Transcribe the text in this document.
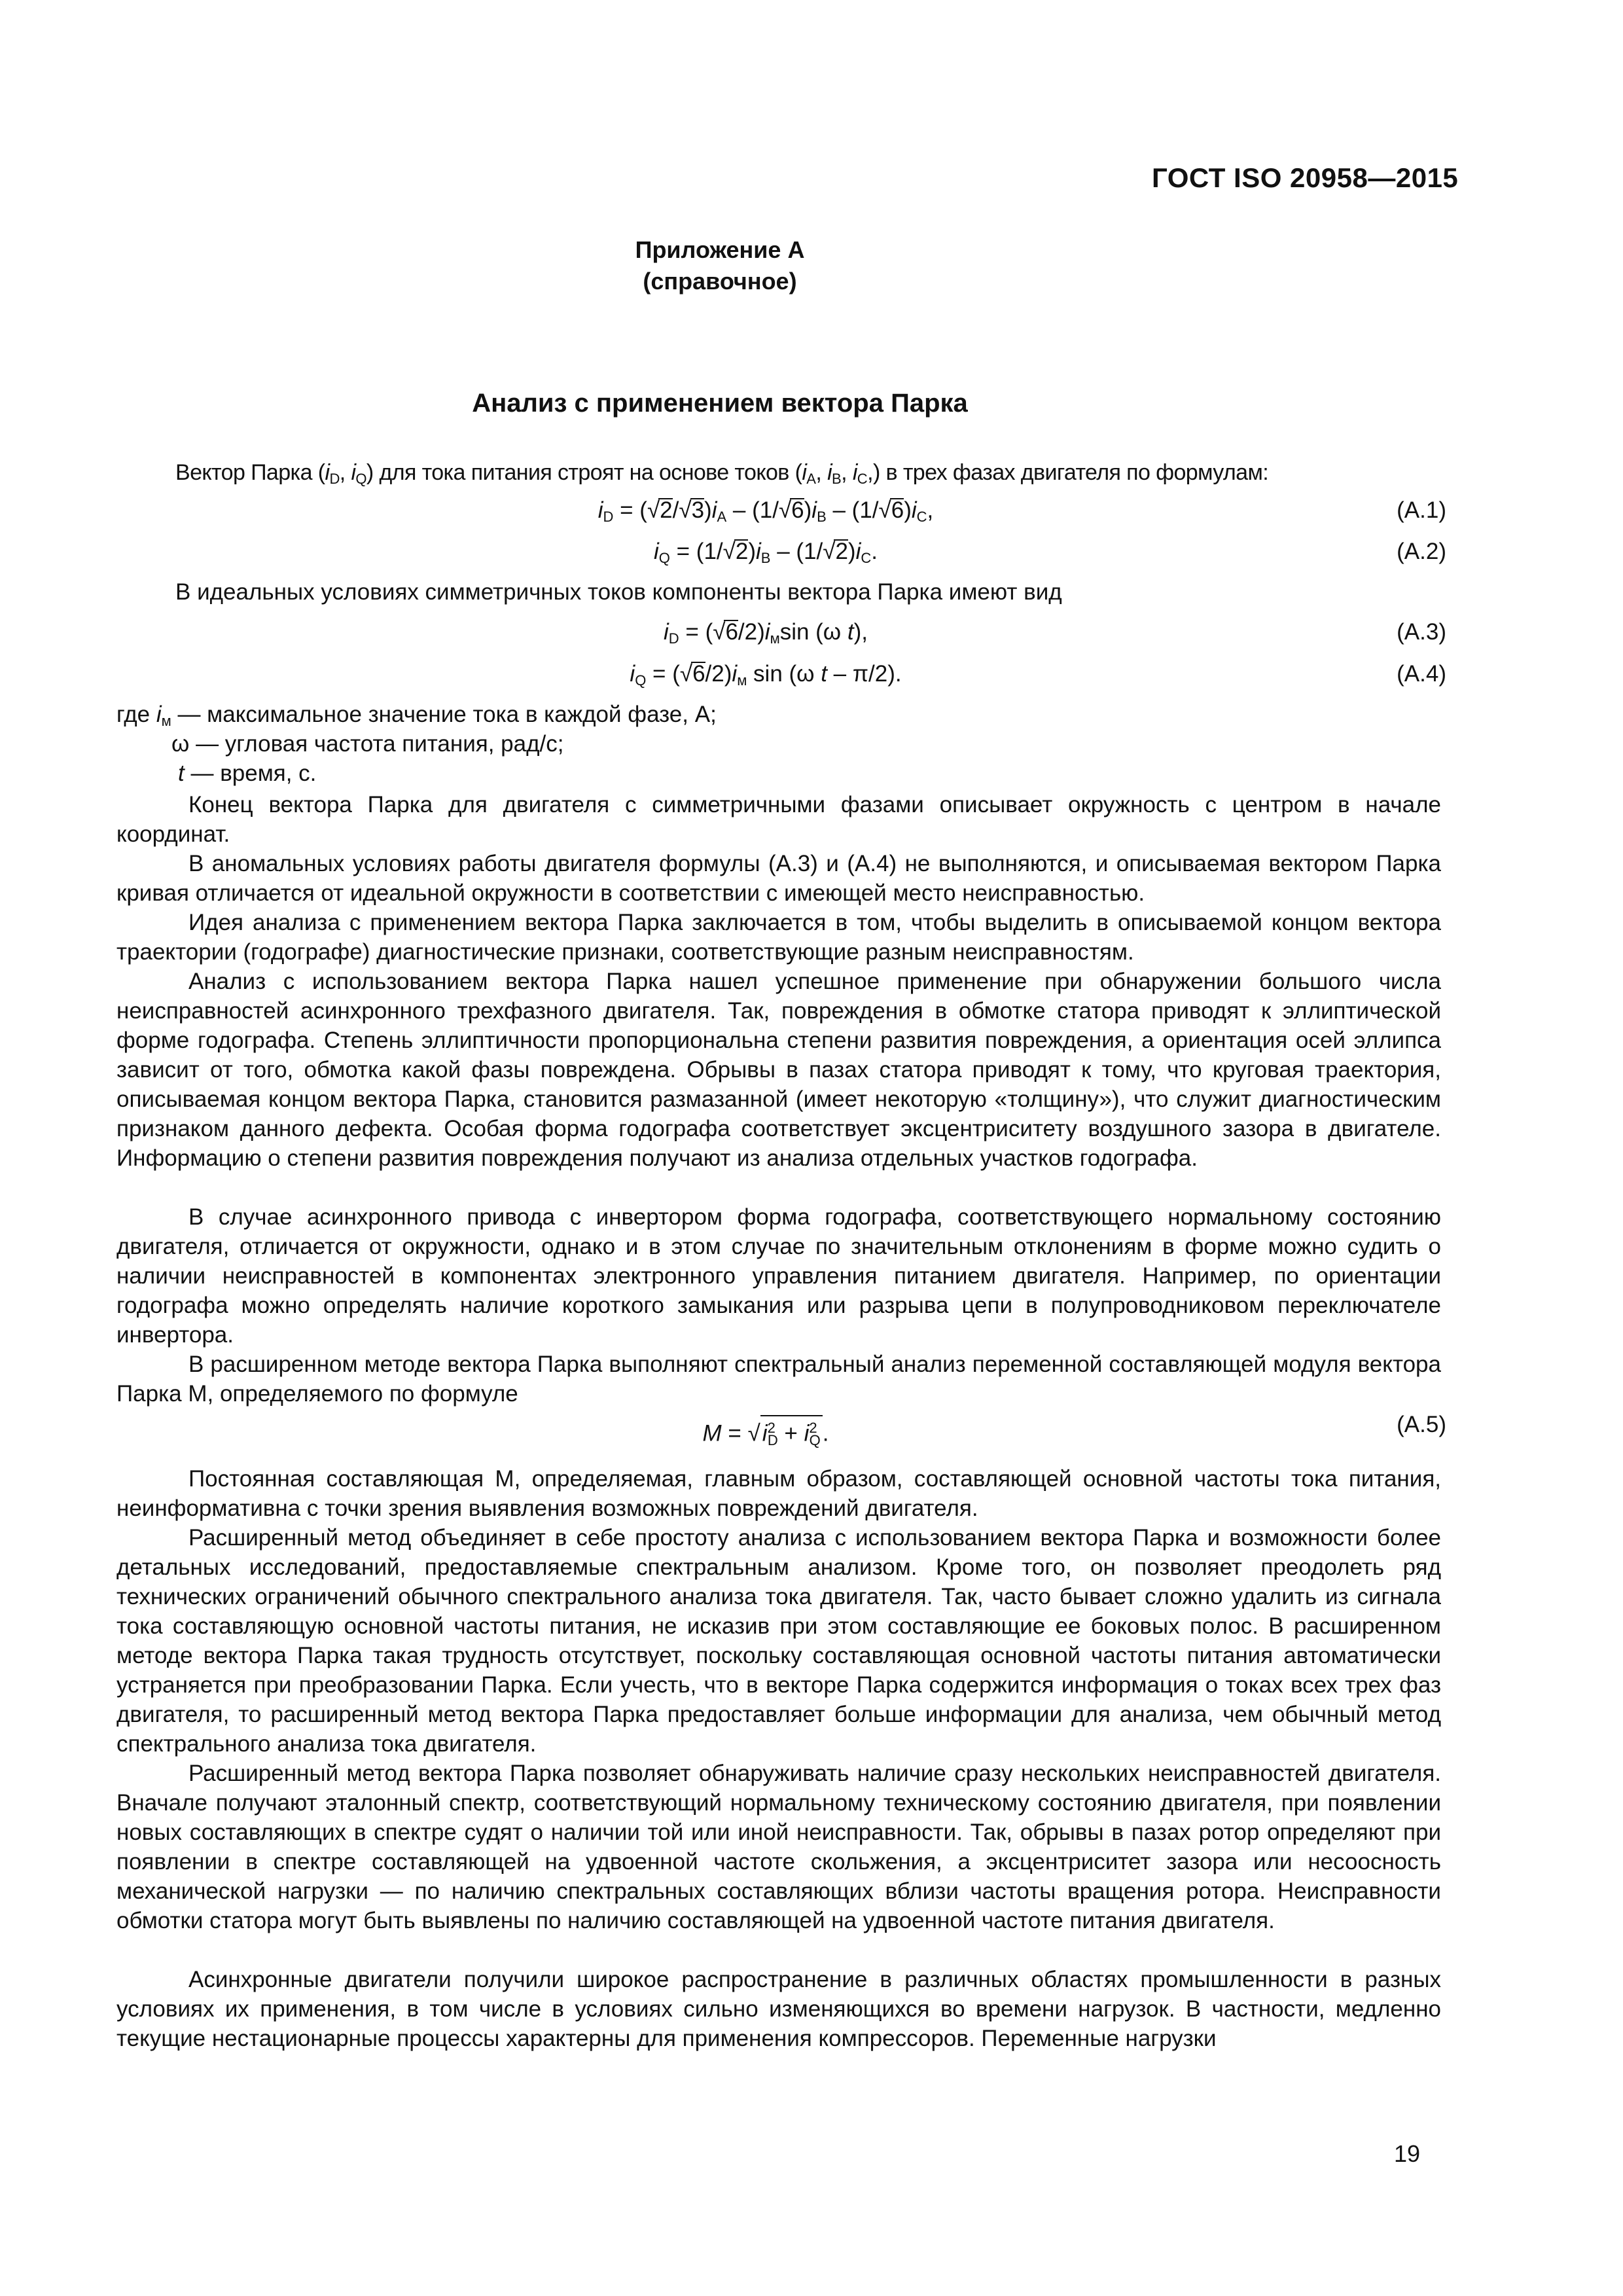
ГОСТ ISO 20958—2015
Приложение А
(справочное)
Анализ с применением вектора Парка
Вектор Парка ($i_D$, $i_Q$) для тока питания строят на основе токов ($i_A$, $i_B$, $i_C$,) в трех фазах двигателя по формулам:
$i_D = (√2/√3)i_A - (1/√6)i_B - (1/√6)i_C$,	(A.1)
$i_Q = (1/√2)i_B - (1/√2)i_C$.	(A.2)
В идеальных условиях симметричных токов компоненты вектора Парка имеют вид
$i_D = (√6/2)i_м\sin$ (ω t),	(A.3)
$i_Q = (√6/2)i_м$ sin (ω t – π/2).	(A.4)
где $i_м$ — максимальное значение тока в каждой фазе, А;
ω — угловая частота питания, рад/с;
t — время, с.
Конец вектора Парка для двигателя с симметричными фазами описывает окружность с центром в начале координат.
В аномальных условиях работы двигателя формулы (А.3) и (А.4) не выполняются, и описываемая вектором Парка кривая отличается от идеальной окружности в соответствии с имеющей место неисправностью.
Идея анализа с применением вектора Парка заключается в том, чтобы выделить в описываемой концом вектора траектории (годографе) диагностические признаки, соответствующие разным неисправностям.
Анализ с использованием вектора Парка нашел успешное применение при обнаружении большого числа неисправностей асинхронного трехфазного двигателя. Так, повреждения в обмотке статора приводят к эллиптической форме годографа. Степень эллиптичности пропорциональна степени развития повреждения, а ориентация осей эллипса зависит от того, обмотка какой фазы повреждена. Обрывы в пазах статора приводят к тому, что круговая траектория, описываемая концом вектора Парка, становится размазанной (имеет некоторую «толщину»), что служит диагностическим признаком данного дефекта. Особая форма годографа соответствует эксцентриситету воздушного зазора в двигателе. Информацию о степени развития повреждения получают из анализа отдельных участков годографа.
В случае асинхронного привода с инвертором форма годографа, соответствующего нормальному состоянию двигателя, отличается от окружности, однако и в этом случае по значительным отклонениям в форме можно судить о наличии неисправностей в компонентах электронного управления питанием двигателя. Например, по ориентации годографа можно определять наличие короткого замыкания или разрыва цепи в полупроводниковом переключателе инвертора.
В расширенном методе вектора Парка выполняют спектральный анализ переменной составляющей модуля вектора Парка M, определяемого по формуле
$M = √i^2_D + i^2_Q$.	(A.5)
Постоянная составляющая M, определяемая, главным образом, составляющей основной частоты тока питания, неинформативна с точки зрения выявления возможных повреждений двигателя.
Расширенный метод объединяет в себе простоту анализа с использованием вектора Парка и возможности более детальных исследований, предоставляемые спектральным анализом. Кроме того, он позволяет преодолеть ряд технических ограничений обычного спектрального анализа тока двигателя. Так, часто бывает сложно удалить из сигнала тока составляющую основной частоты питания, не исказив при этом составляющие ее боковых полос. В расширенном методе вектора Парка такая трудность отсутствует, поскольку составляющая основной частоты питания автоматически устраняется при преобразовании Парка. Если учесть, что в векторе Парка содержится информация о токах всех трех фаз двигателя, то расширенный метод вектора Парка предоставляет больше информации для анализа, чем обычный метод спектрального анализа тока двигателя.
Расширенный метод вектора Парка позволяет обнаруживать наличие сразу нескольких неисправностей двигателя. Вначале получают эталонный спектр, соответствующий нормальному техническому состоянию двигателя, при появлении новых составляющих в спектре судят о наличии той или иной неисправности. Так, обрывы в пазах ротор определяют при появлении в спектре составляющей на удвоенной частоте скольжения, а эксцентриситет зазора или несоосность механической нагрузки — по наличию спектральных составляющих вблизи частоты вращения ротора. Неисправности обмотки статора могут быть выявлены по наличию составляющей на удвоенной частоте питания двигателя.
Асинхронные двигатели получили широкое распространение в различных областях промышленности в разных условиях их применения, в том числе в условиях сильно изменяющихся во времени нагрузок. В частности, медленно текущие нестационарные процессы характерны для применения компрессоров. Переменные нагрузки
19
